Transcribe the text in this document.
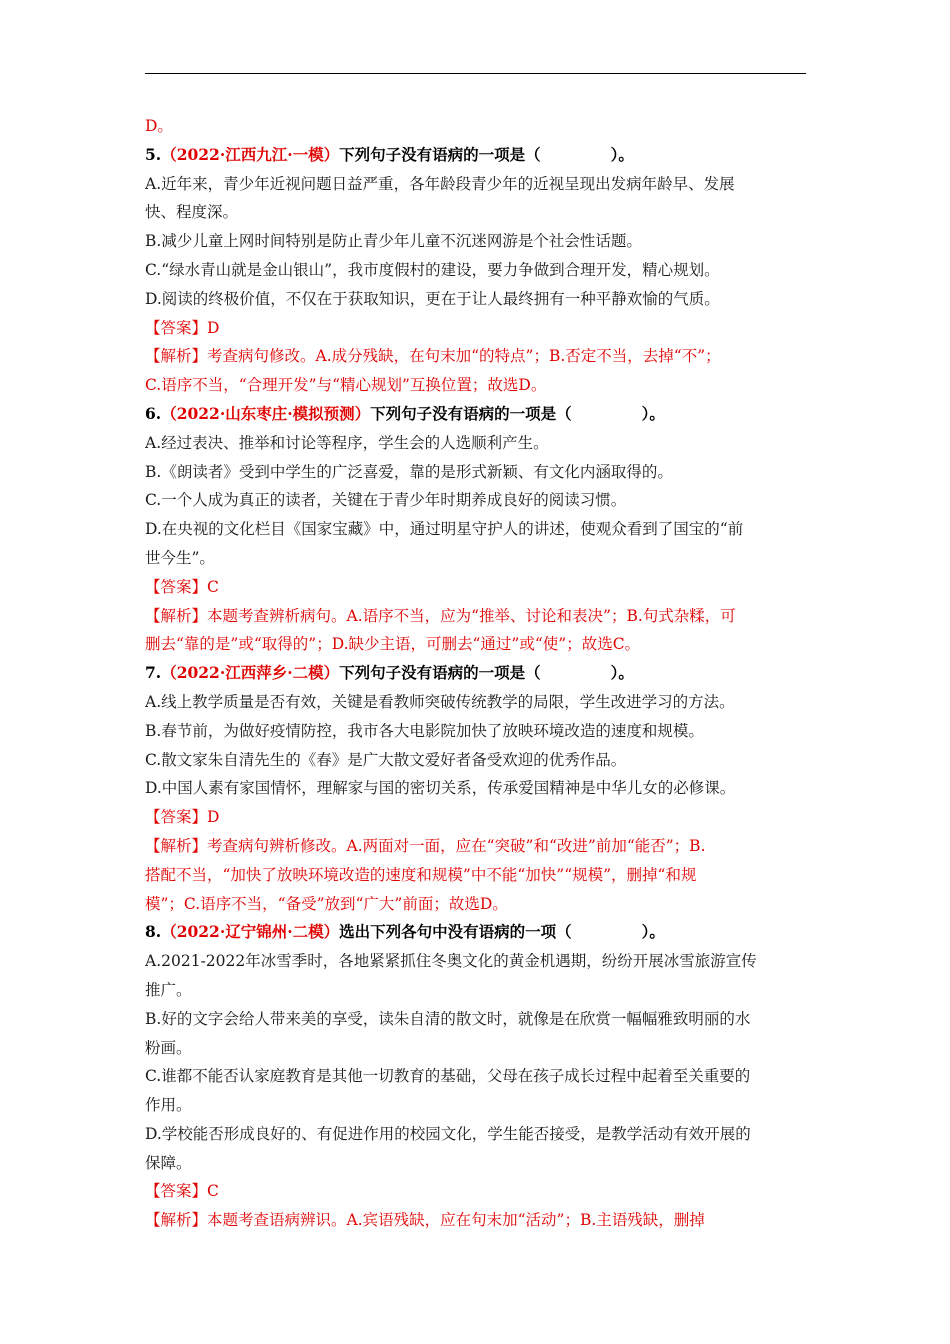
D。
5.（2022·江西九江·一模）下列句子没有语病的一项是（	）。
A.近年来，青少年近视问题日益严重，各年龄段青少年的近视呈现出发病年龄早、发展
快、程度深。
B.减少儿童上网时间特别是防止青少年儿童不沉迷网游是个社会性话题。
C.“绿水青山就是金山银山”，我市度假村的建设，要力争做到合理开发，精心规划。
D.阅读的终极价值，不仅在于获取知识，更在于让人最终拥有一种平静欢愉的气质。
【答案】D
【解析】考查病句修改。A.成分残缺，在句末加“的特点”；B.否定不当，去掉“不”；
C.语序不当，“合理开发”与“精心规划”互换位置；故选D。
6.（2022·山东枣庄·模拟预测）下列句子没有语病的一项是（	）。
A.经过表决、推举和讨论等程序，学生会的人选顺利产生。
B.《朗读者》受到中学生的广泛喜爱，靠的是形式新颖、有文化内涵取得的。
C.一个人成为真正的读者，关键在于青少年时期养成良好的阅读习惯。
D.在央视的文化栏目《国家宝藏》中，通过明星守护人的讲述，使观众看到了国宝的“前
世今生”。
【答案】C
【解析】本题考查辨析病句。A.语序不当，应为“推举、讨论和表决”；B.句式杂糅，可
删去“靠的是”或“取得的”；D.缺少主语，可删去“通过”或“使”；故选C。
7.（2022·江西萍乡·二模）下列句子没有语病的一项是（	）。
A.线上教学质量是否有效，关键是看教师突破传统教学的局限，学生改进学习的方法。
B.春节前，为做好疫情防控，我市各大电影院加快了放映环境改造的速度和规模。
C.散文家朱自清先生的《春》是广大散文爱好者备受欢迎的优秀作品。
D.中国人素有家国情怀，理解家与国的密切关系，传承爱国精神是中华儿女的必修课。
【答案】D
【解析】考查病句辨析修改。A.两面对一面，应在“突破”和“改进”前加“能否”；B.
搭配不当，“加快了放映环境改造的速度和规模”中不能“加快”“规模”，删掉“和规
模”；C.语序不当，“备受”放到“广大”前面；故选D。
8.（2022·辽宁锦州·二模）选出下列各句中没有语病的一项（	）。
A.2021-2022年冰雪季时，各地紧紧抓住冬奥文化的黄金机遇期，纷纷开展冰雪旅游宣传
推广。
B.好的文字会给人带来美的享受，读朱自清的散文时，就像是在欣赏一幅幅雅致明丽的水
粉画。
C.谁都不能否认家庭教育是其他一切教育的基础，父母在孩子成长过程中起着至关重要的
作用。
D.学校能否形成良好的、有促进作用的校园文化，学生能否接受，是教学活动有效开展的
保障。
【答案】C
【解析】本题考查语病辨识。A.宾语残缺，应在句末加“活动”；B.主语残缺，删掉
